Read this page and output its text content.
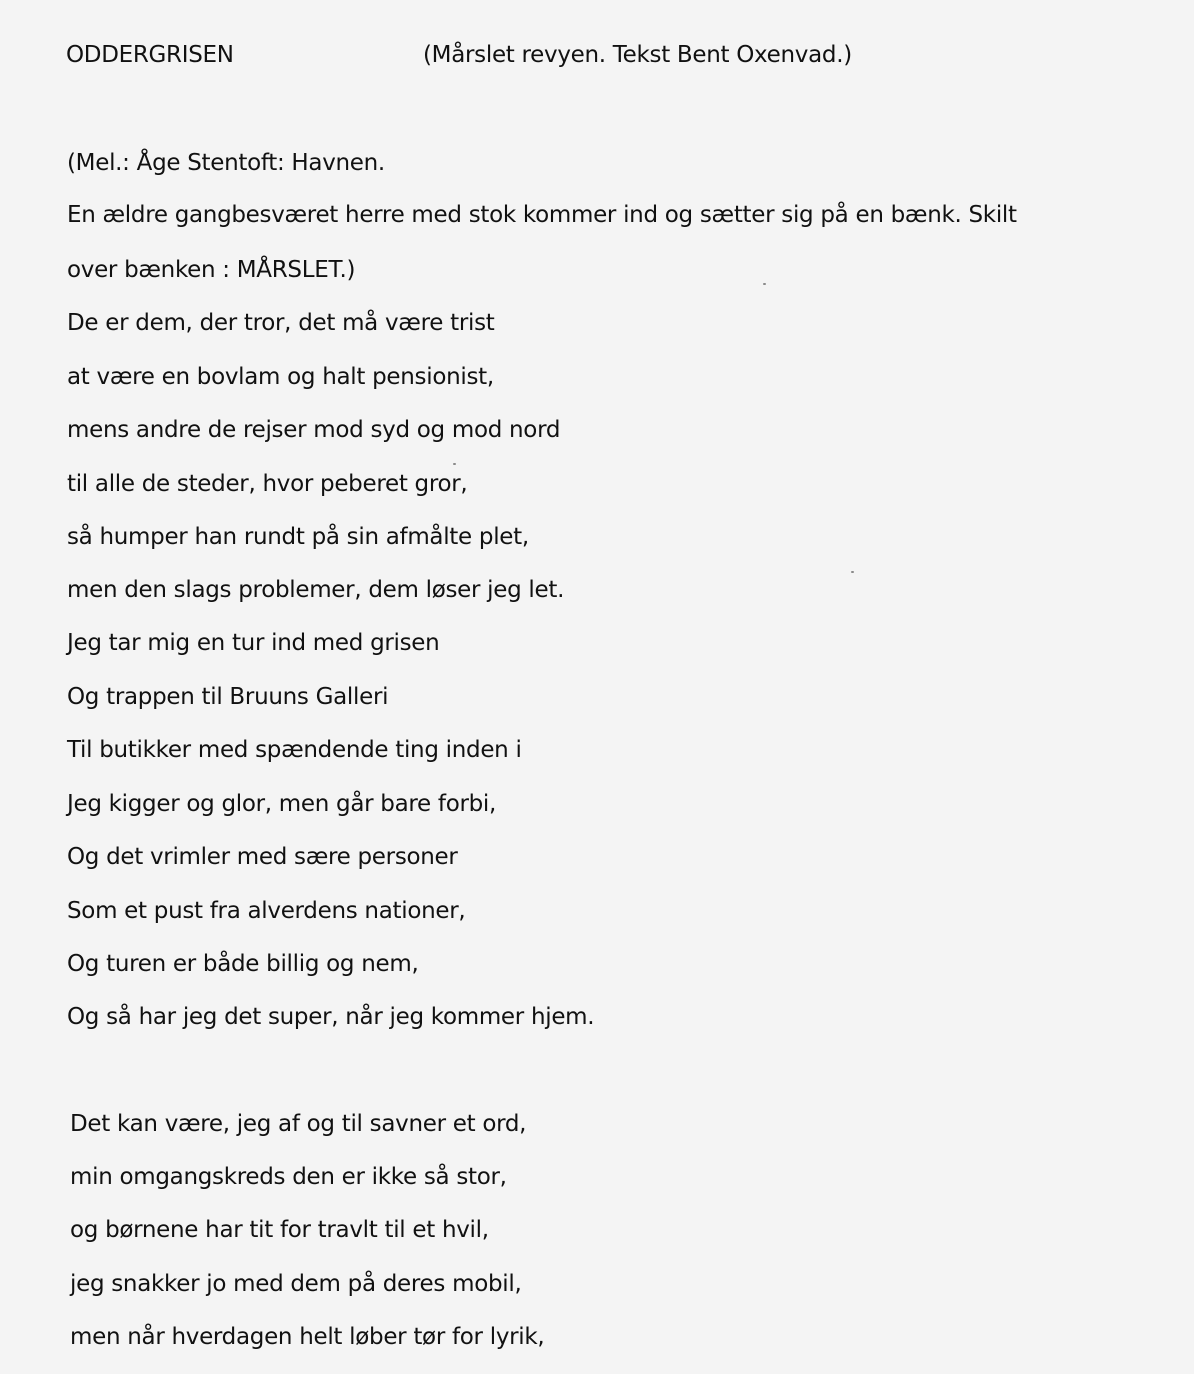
ODDERGRISEN	(Mårslet revyen. Tekst Bent Oxenvad.)
(Mel.: Åge Stentoft: Havnen.
En ældre gangbesværet herre med stok kommer ind og sætter sig på en bænk. Skilt
over bænken : MÅRSLET.)
De er dem, der tror, det må være trist
at være en bovlam og halt pensionist,
mens andre de rejser mod syd og mod nord
til alle de steder, hvor peberet gror,
så humper han rundt på sin afmålte plet,
men den slags problemer, dem løser jeg let.
Jeg tar mig en tur ind med grisen
Og trappen til Bruuns Galleri
Til butikker med spændende ting inden i
Jeg kigger og glor, men går bare forbi,
Og det vrimler med sære personer
Som et pust fra alverdens nationer,
Og turen er både billig og nem,
Og så har jeg det super, når jeg kommer hjem.
Det kan være, jeg af og til savner et ord,
min omgangskreds den er ikke så stor,
og børnene har tit for travlt til et hvil,
jeg snakker jo med dem på deres mobil,
men når hverdagen helt løber tør for lyrik,
